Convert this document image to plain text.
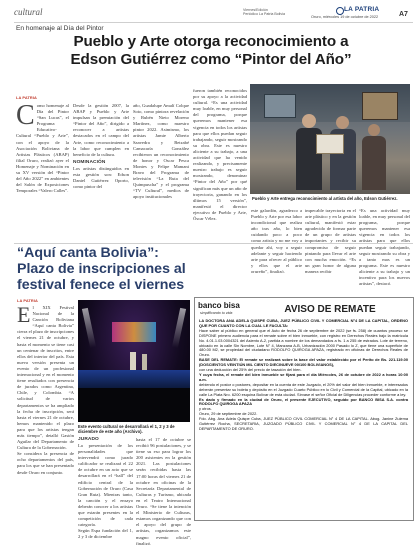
cultural	Viernes/Edición
Periódico La Patria Bolivia
LA PATRIA
Oruro, miércoles 19 de octubre de 2022	A7
En homenaje al Día del Pintor
Pueblo y Arte otorga reconocimiento a
Edson Gutiérrez como “Pintor del Año”
LA PATRIA
C omo homenaje al Día del Pintor “San Lucas”, el Programa Educativo-Cultural “Pueblo y Arte”, con el apoyo de la Asociación Boliviana de Artistas Plásticos (ABAP) filial Oruro, realizó ayer el Homenaje y Nominación en su XV versión del “Pintor del Año 2022” en ambientes del Salón de Exposiciones Temporales “Valero Calles”.

Desde la gestión 2007, la ABAP y Pueblo y Arte impulsan la premiación del “Pintor del Año”, dirigido a reconocer a artistas destacados en el campo del Arte, como reconocimiento a la labor que cumplen en beneficio de la cultura.

NOMINACIÓN

Los artistas distinguidos en esta gestión son: Edson Daniel Gutiérrez Oporto, como pintor del

año, Guadalupe Amalí Colque Soto, como pintora revelación y Rubén Nieto Moreno Martínez, como maestro pintor 2022. Asimismo, los artistas Jamie Alberto Saavedra y Betzabé Camacaría González recibieron un reconocimiento de honor y Oscar Pesca Montes y Felipe Mamani Bravo del Programa de televisión “La Ruta del Quimpuscha” y el programa “TV Cultural”, medios de apoyo institucionales

fueron también reconocidos por su apoyo a la actividad cultural. “Es una actividad muy loable, en muy personal del programa, porque queremos mantener esa vigencia en todos los artistas para que ellos puedan seguir trabajando, seguir mostrando su obra. Este es nuestro aliciente a su trabajo, a una actividad que ha venido realizando, y precisamente nuestro trabajo es seguir mostrando, denominar “Pintor del Año” por qué significan más que un año de trayectoria, ganando en los últimos 15 versión”, manifestó el director ejecutivo de Pueblo y Arte, Óscar Vélez.

Pueblo y Arte entrega reconocimiento al artista del año, Edson Gutiérrez.

este galardón, agradezco a Pueblo y Arte por esa labor incondicional que realiza año tras año, lo bien cuidando poco a poco como artista y no me voy a quedar ahí, voy a seguir adelante y seguir haciendo arte para ofrecer al público y ellos que el arte orureño”, finalizó.

impecable trayectoria en el arte plástico y en la gestión cultural, manifestó estar agradecido de formar parte de un grupo de artistas importantes y recibir su compromiso de seguir pintando para llevar el arte con mucha emoción. “Es un gran honor de alguna manera recibir

“Es una actividad muy loable, en muy personal del programa, porque queremos mantener esa vigencia en todos los artistas para que ellos puedan seguir trabajando, seguir mostrando su obra y a tanto mas es un programa. Este es nuestro aliciente a su trabajo y un incentivo para los nuevos artistas”, destacó.

“Aquí canta Bolivia”:
Plazo de inscripciones al
festival fenece el viernes
LA PATRIA
E l XIX Festival Nacional de la Canción Boliviana “Aquí canta Bolivia” cierra el plazo de inscripciones el viernes 21 de octubre, y hasta el momento se tiene casi un centenar de inscritos, entre ellos del interior del país. Esta nueva versión presenta un evento de un profesional internacional y en el momento tiene resultados con presencia de jurados como Argentina, Chile, y Colombia. “A solicitud de varios departamentos se ha ampliado la fecha de inscripción, será hasta el viernes 21 de octubre, hemos mantenido el plazo para que los artistas tengan más tiempo”, detalló Gastón Aguilar del Departamento de Cultura de la Gobernación.

Se considera la presencia de ocho departamentos del país, para los que se han presentado desde Oruro en conjunto.

Este evento cultural se desarrollará el 1, 2 y 3 de diciembre de este año (Archivo).
JURADO

La presentación de los personalidades que intervendrá como jurado calificador se realizará el 22 de octubre en un acto que se desarrollará en el “hall” del edificio central de la Gobernación de Oruro (Casa Gran Ruta). Mientras tanto, la canción y el ensayo deberán conocer a los artistas que estarán presentes en la competición de cada categoría.

Según Espa fundación del 1, 2 y 3 de diciembre

hasta el 17 de octubre se recibió 96 postulaciones, y se tiene su eso para lograr los 200 asistentes en la gestión 2021. Las postulaciones serán recibidas hasta las 17:00 horas del viernes 21 de octubre en oficinas de la Secretaría Departamental de Culturas y Turismo, ubicada en el Teatro Internacional Oruro. “Se tiene la intención el Ministerio de Culturas, estamos organizando que con el apoyo del grupo de artistas, organizamos este magno evento oficial”, finalizó.

banco bisa
simplificando tu vida	AVISO DE REMATE

LA DOCTORA ANA ADELA QUISPE CUBA, JUEZ PÚBLICO CIVIL Y COMERCIAL N°4 DE LA CAPITAL, ORDENO QUE POR CUANTO CON LA CUAL LE FACULTA:

Hace saber al público en general que el Auto de fecha 26 de septiembre de 2022 (se fs. 258) de cuantos proceso se DISPONE primero audiencia para el remate sobre el bien inmueble, con registro en Derechos Reales bajo la matrícula No. 4.01.1.03.0004321 del Asiento A-2, partida a nombre de los demandados a fs. 1 a 255 de estrados. Lote de terreno, ubicado en la calle Sin Nombre, Lote N° 4, Manzana A-B, Urbanización 2000 Pasado lo Z, que tiene una superficie de 480.00 M2, se propiedad del ciudadano RODOLFO QUIROGA APAZA, registrado en oficinas de Derechos Reales de Oruro.

BASE DEL REMATE: El remate se realizará sobre la base del valor establecido por el Perito de Bs. 221.119.00 (DOSCIENTOS VEINTIÚN MIL CIENTO DIECINUEVE 00/100 BOLIVIANOS),

con una deducción del 25% del precio de tasación del bien.

Y cuya fecha, el remate del bien inmueble se fijará para el día Miércoles, 26 de octubre de 2022 a horas 10:00 a.m.

debiendo el postor o postores, depositar en la cuenta de este Juzgado, el 20% del valor del bien inmueble, e interesados deberán presentar su boleta y depósito en el Juzgado Cuarto Público en lo Civil y Comercial de la Capital, ubicado en la calle La Plata Nro. 6200 esquina Bolívar de esta ciudad. Sírvase el señor Oficial de Diligencias proceder conforme a ley.

Es dado y firmado en la ciudad de Oruro, el presente EJECUTIVO, seguido por BANCO BISA S.A. contra RODOLFO QUIROGA APAZA

y otros.

Oruro, 29 de septiembre de 2022.

Fdo. Abg. Ana Adela Quispe Cuba, JUEZ PÚBLICO CIVIL COMERCIAL N° 4 DE LA CAPITAL. Abog. Janine Zulema Gutiérrez Rocha, SECRETARIA, JUZGADO PÚBLICO CIVIL Y COMERCIAL N° 4 DE LA CAPITAL DEL DEPARTAMENTO DE ORURO.
